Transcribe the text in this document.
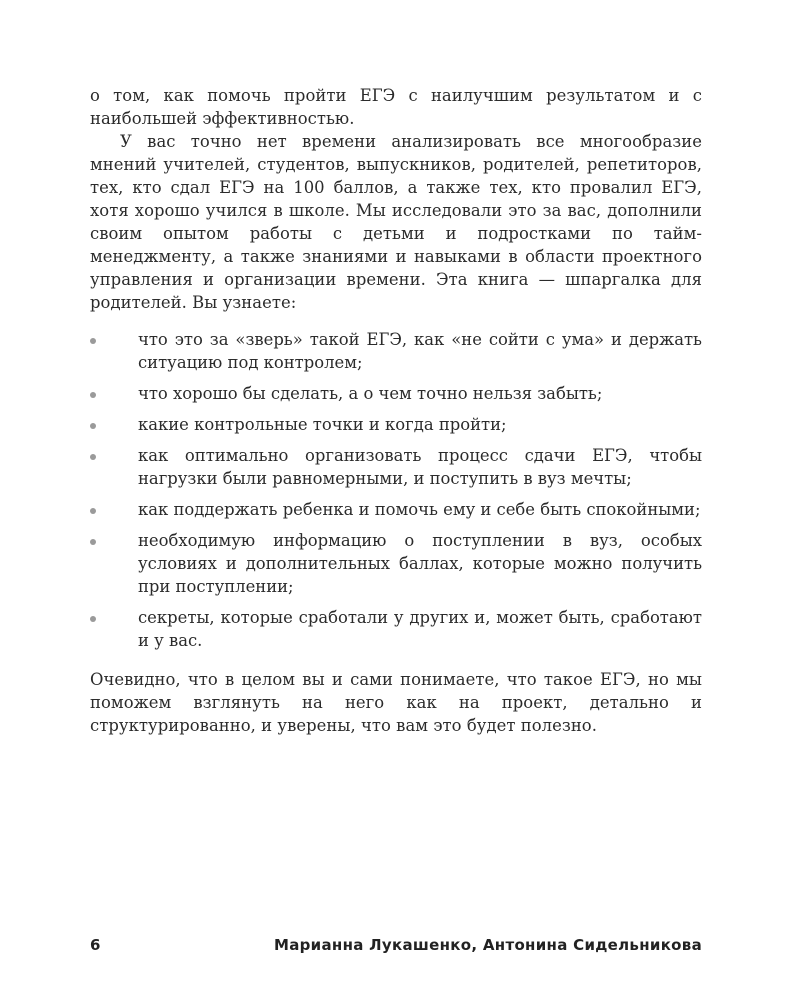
о том, как помочь пройти ЕГЭ с наилучшим результатом и с наибольшей эффективностью.

У вас точно нет времени анализировать все многообразие мнений учителей, студентов, выпускников, родителей, репетиторов, тех, кто сдал ЕГЭ на 100 баллов, а также тех, кто провалил ЕГЭ, хотя хорошо учился в школе. Мы исследовали это за вас, дополнили своим опытом работы с детьми и подростками по тайм-менеджменту, а также знаниями и навыками в области проектного управления и организации времени. Эта книга — шпаргалка для родителей. Вы узнаете:

что это за «зверь» такой ЕГЭ, как «не сойти с ума» и держать ситуацию под контролем;
что хорошо бы сделать, а о чем точно нельзя забыть;
какие контрольные точки и когда пройти;
как оптимально организовать процесс сдачи ЕГЭ, чтобы нагрузки были равномерными, и поступить в вуз мечты;
как поддержать ребенка и помочь ему и себе быть спокойными;
необходимую информацию о поступлении в вуз, особых условиях и дополнительных баллах, которые можно получить при поступлении;
секреты, которые сработали у других и, может быть, сработают и у вас.

Очевидно, что в целом вы и сами понимаете, что такое ЕГЭ, но мы поможем взглянуть на него как на проект, детально и структурированно, и уверены, что вам это будет полезно.

6	Марианна Лукашенко, Антонина Сидельникова
